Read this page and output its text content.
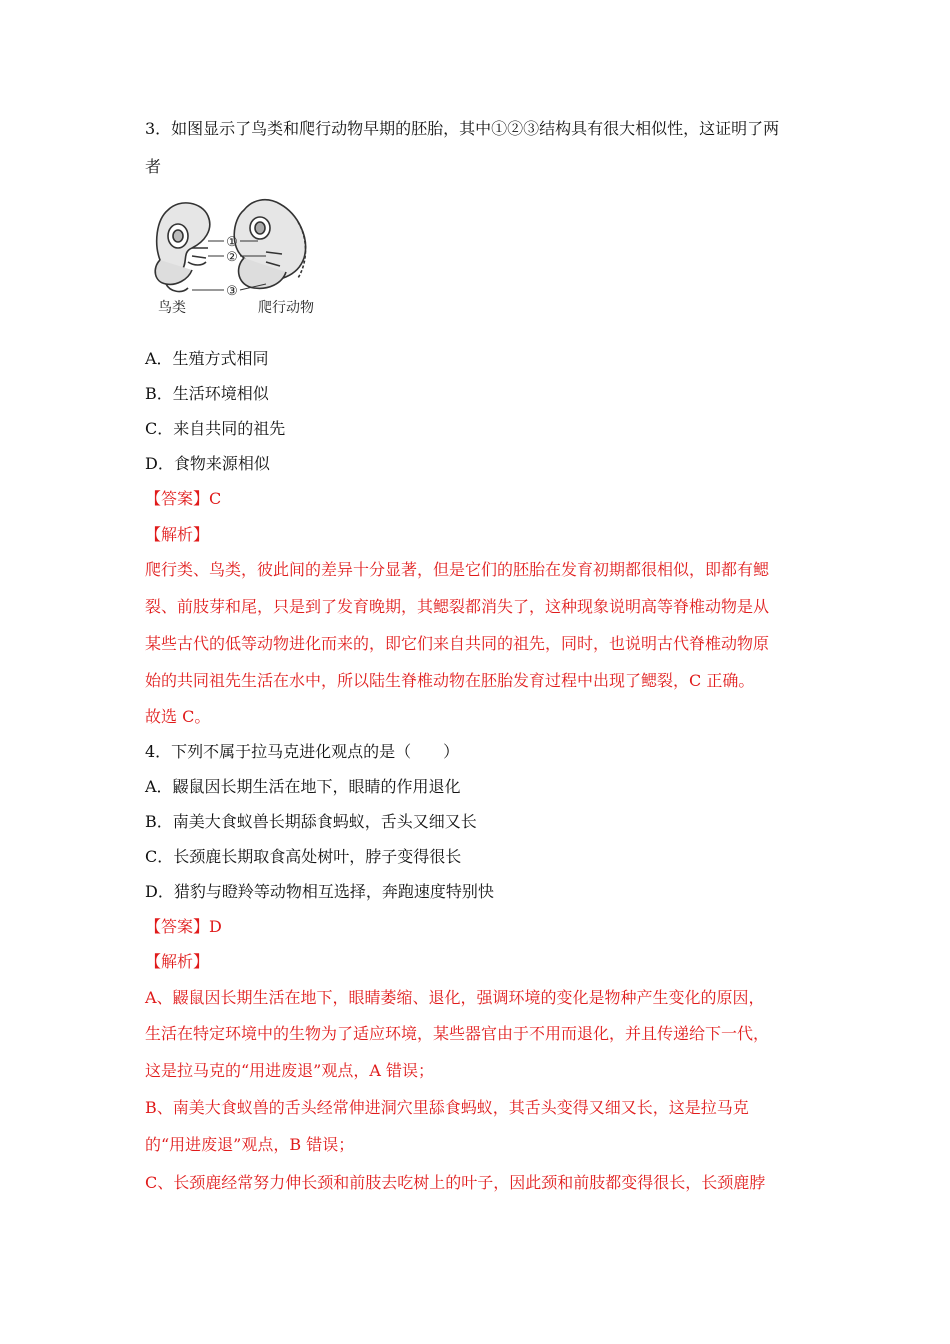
3．如图显示了鸟类和爬行动物早期的胚胎，其中①②③结构具有很大相似性，这证明了两
者
①
②
③
鸟类	爬行动物
A．生殖方式相同
B．生活环境相似
C．来自共同的祖先
D．食物来源相似
【答案】C
【解析】
爬行类、鸟类，彼此间的差异十分显著，但是它们的胚胎在发育初期都很相似，即都有鳃
裂、前肢芽和尾，只是到了发育晚期，其鳃裂都消失了，这种现象说明高等脊椎动物是从
某些古代的低等动物进化而来的，即它们来自共同的祖先，同时，也说明古代脊椎动物原
始的共同祖先生活在水中，所以陆生脊椎动物在胚胎发育过程中出现了鳃裂，C 正确。
故选 C。
4．下列不属于拉马克进化观点的是（　　）
A．鼹鼠因长期生活在地下，眼睛的作用退化
B．南美大食蚁兽长期舔食蚂蚁，舌头又细又长
C．长颈鹿长期取食高处树叶，脖子变得很长
D．猎豹与瞪羚等动物相互选择，奔跑速度特别快
【答案】D
【解析】
A、鼹鼠因长期生活在地下，眼睛萎缩、退化，强调环境的变化是物种产生变化的原因，
生活在特定环境中的生物为了适应环境，某些器官由于不用而退化，并且传递给下一代，
这是拉马克的“用进废退”观点，A 错误；
B、南美大食蚁兽的舌头经常伸进洞穴里舔食蚂蚁，其舌头变得又细又长，这是拉马克
的“用进废退”观点，B 错误；
C、长颈鹿经常努力伸长颈和前肢去吃树上的叶子，因此颈和前肢都变得很长，长颈鹿脖
